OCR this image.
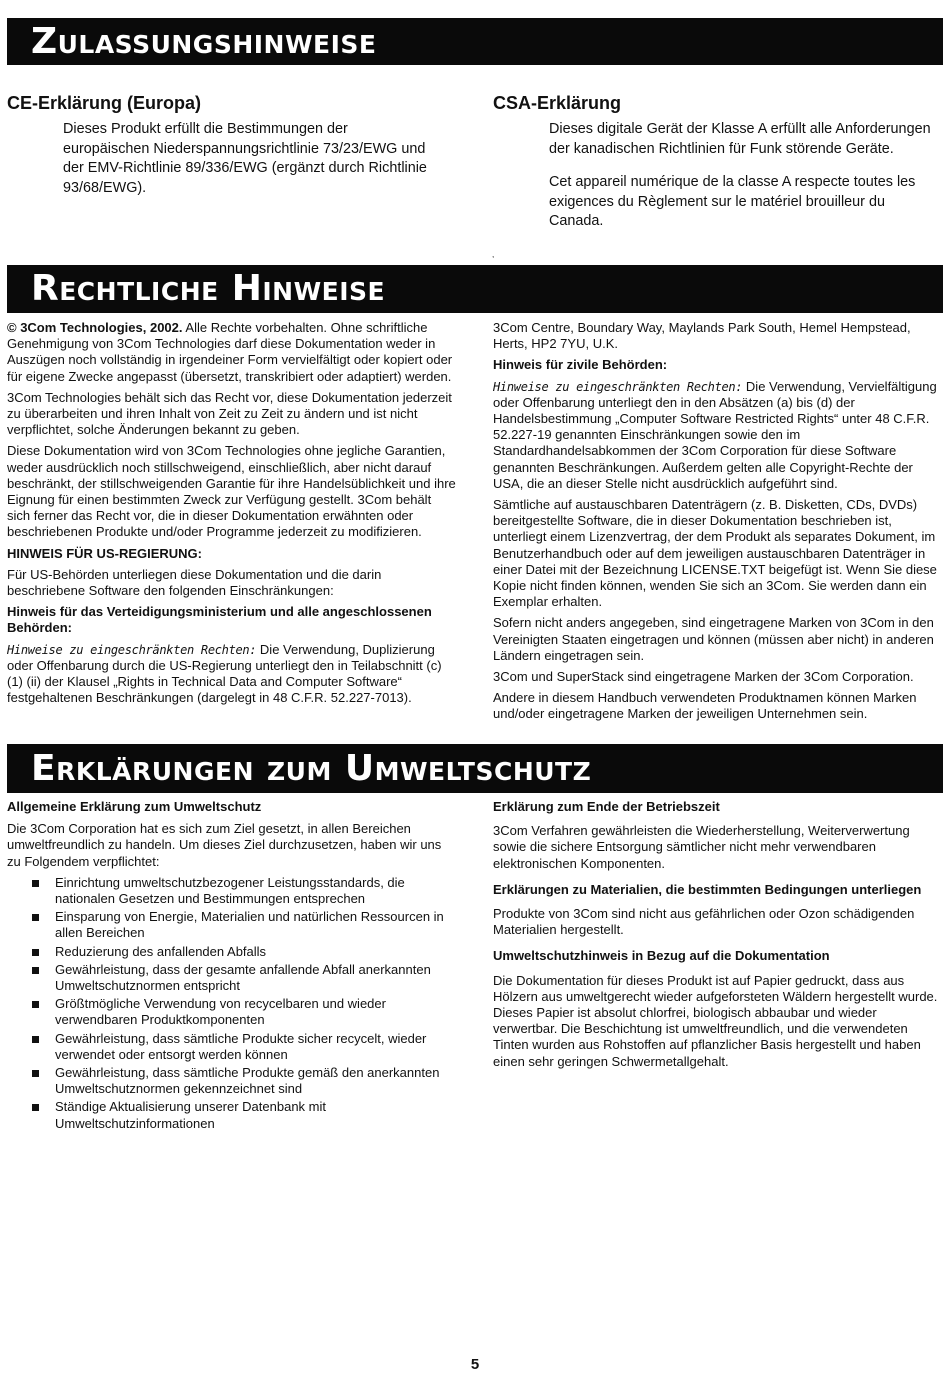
Zulassungshinweise
CE-Erklärung (Europa)

Dieses Produkt erfüllt die Bestimmungen der europäischen Niederspannungsrichtlinie 73/23/EWG und der EMV-Richtlinie 89/336/EWG (ergänzt durch Richtlinie 93/68/EWG).

CSA-Erklärung

Dieses digitale Gerät der Klasse A erfüllt alle Anforderungen der kanadischen Richtlinien für Funk störende Geräte.

Cet appareil numérique de la classe A respecte toutes les exigences du Règlement sur le matériel brouilleur du Canada.

,
Rechtliche Hinweise

© 3Com Technologies, 2002. Alle Rechte vorbehalten. Ohne schriftliche Genehmigung von 3Com Technologies darf diese Dokumentation weder in Auszügen noch vollständig in irgendeiner Form vervielfältigt oder kopiert oder für eigene Zwecke angepasst (übersetzt, transkribiert oder adaptiert) werden.

3Com Technologies behält sich das Recht vor, diese Dokumentation jederzeit zu überarbeiten und ihren Inhalt von Zeit zu Zeit zu ändern und ist nicht verpflichtet, solche Änderungen bekannt zu geben.

Diese Dokumentation wird von 3Com Technologies ohne jegliche Garantien, weder ausdrücklich noch stillschweigend, einschließlich, aber nicht darauf beschränkt, der stillschweigenden Garantie für ihre Handelsüblichkeit und ihre Eignung für einen bestimmten Zweck zur Verfügung gestellt. 3Com behält sich ferner das Recht vor, die in dieser Dokumentation erwähnten oder beschriebenen Produkte und/oder Programme jederzeit zu modifizieren.

HINWEIS FÜR US-REGIERUNG:

Für US-Behörden unterliegen diese Dokumentation und die darin beschriebene Software den folgenden Einschränkungen:

Hinweis für das Verteidigungsministerium und alle angeschlossenen Behörden:

Hinweise zu eingeschränkten Rechten: Die Verwendung, Duplizierung oder Offenbarung durch die US-Regierung unterliegt den in Teilabschnitt (c) (1) (ii) der Klausel „Rights in Technical Data and Computer Software“ festgehaltenen Beschränkungen (dargelegt in 48 C.F.R. 52.227-7013).

3Com Centre, Boundary Way, Maylands Park South, Hemel Hempstead, Herts, HP2 7YU, U.K.

Hinweis für zivile Behörden:

Hinweise zu eingeschränkten Rechten: Die Verwendung, Vervielfältigung oder Offenbarung unterliegt den in den Absätzen (a) bis (d) der Handelsbestimmung „Computer Software Restricted Rights“ unter 48 C.F.R. 52.227-19 genannten Einschränkungen sowie den im Standardhandelsabkommen der 3Com Corporation für diese Software genannten Beschränkungen. Außerdem gelten alle Copyright-Rechte der USA, die an dieser Stelle nicht ausdrücklich aufgeführt sind.

Sämtliche auf austauschbaren Datenträgern (z. B. Disketten, CDs, DVDs) bereitgestellte Software, die in dieser Dokumentation beschrieben ist, unterliegt einem Lizenzvertrag, der dem Produkt als separates Dokument, im Benutzerhandbuch oder auf dem jeweiligen austauschbaren Datenträger in einer Datei mit der Bezeichnung LICENSE.TXT beigefügt ist. Wenn Sie diese Kopie nicht finden können, wenden Sie sich an 3Com. Sie werden dann ein Exemplar erhalten.

Sofern nicht anders angegeben, sind eingetragene Marken von 3Com in den Vereinigten Staaten eingetragen und können (müssen aber nicht) in anderen Ländern eingetragen sein.

3Com und SuperStack sind eingetragene Marken der 3Com Corporation.

Andere in diesem Handbuch verwendeten Produktnamen können Marken und/oder eingetragene Marken der jeweiligen Unternehmen sein.

Erklärungen zum Umweltschutz

Allgemeine Erklärung zum Umweltschutz

Die 3Com Corporation hat es sich zum Ziel gesetzt, in allen Bereichen umweltfreundlich zu handeln. Um dieses Ziel durchzusetzen, haben wir uns zu Folgendem verpflichtet:

Einrichtung umweltschutzbezogener Leistungsstandards, die nationalen Gesetzen und Bestimmungen entsprechen
Einsparung von Energie, Materialien und natürlichen Ressourcen in allen Bereichen
Reduzierung des anfallenden Abfalls
Gewährleistung, dass der gesamte anfallende Abfall anerkannten Umweltschutznormen entspricht
Größtmögliche Verwendung von recycelbaren und wieder verwendbaren Produktkomponenten
Gewährleistung, dass sämtliche Produkte sicher recycelt, wieder verwendet oder entsorgt werden können
Gewährleistung, dass sämtliche Produkte gemäß den anerkannten Umweltschutznormen gekennzeichnet sind
Ständige Aktualisierung unserer Datenbank mit Umweltschutzinformationen

Erklärung zum Ende der Betriebszeit

3Com Verfahren gewährleisten die Wiederherstellung, Weiterverwertung sowie die sichere Entsorgung sämtlicher nicht mehr verwendbaren elektronischen Komponenten.

Erklärungen zu Materialien, die bestimmten Bedingungen unterliegen

Produkte von 3Com sind nicht aus gefährlichen oder Ozon schädigenden Materialien hergestellt.

Umweltschutzhinweis in Bezug auf die Dokumentation

Die Dokumentation für dieses Produkt ist auf Papier gedruckt, dass aus Hölzern aus umweltgerecht wieder aufgeforsteten Wäldern hergestellt wurde. Dieses Papier ist absolut chlorfrei, biologisch abbaubar und wieder verwertbar. Die Beschichtung ist umweltfreundlich, und die verwendeten Tinten wurden aus Rohstoffen auf pflanzlicher Basis hergestellt und haben einen sehr geringen Schwermetallgehalt.

5
